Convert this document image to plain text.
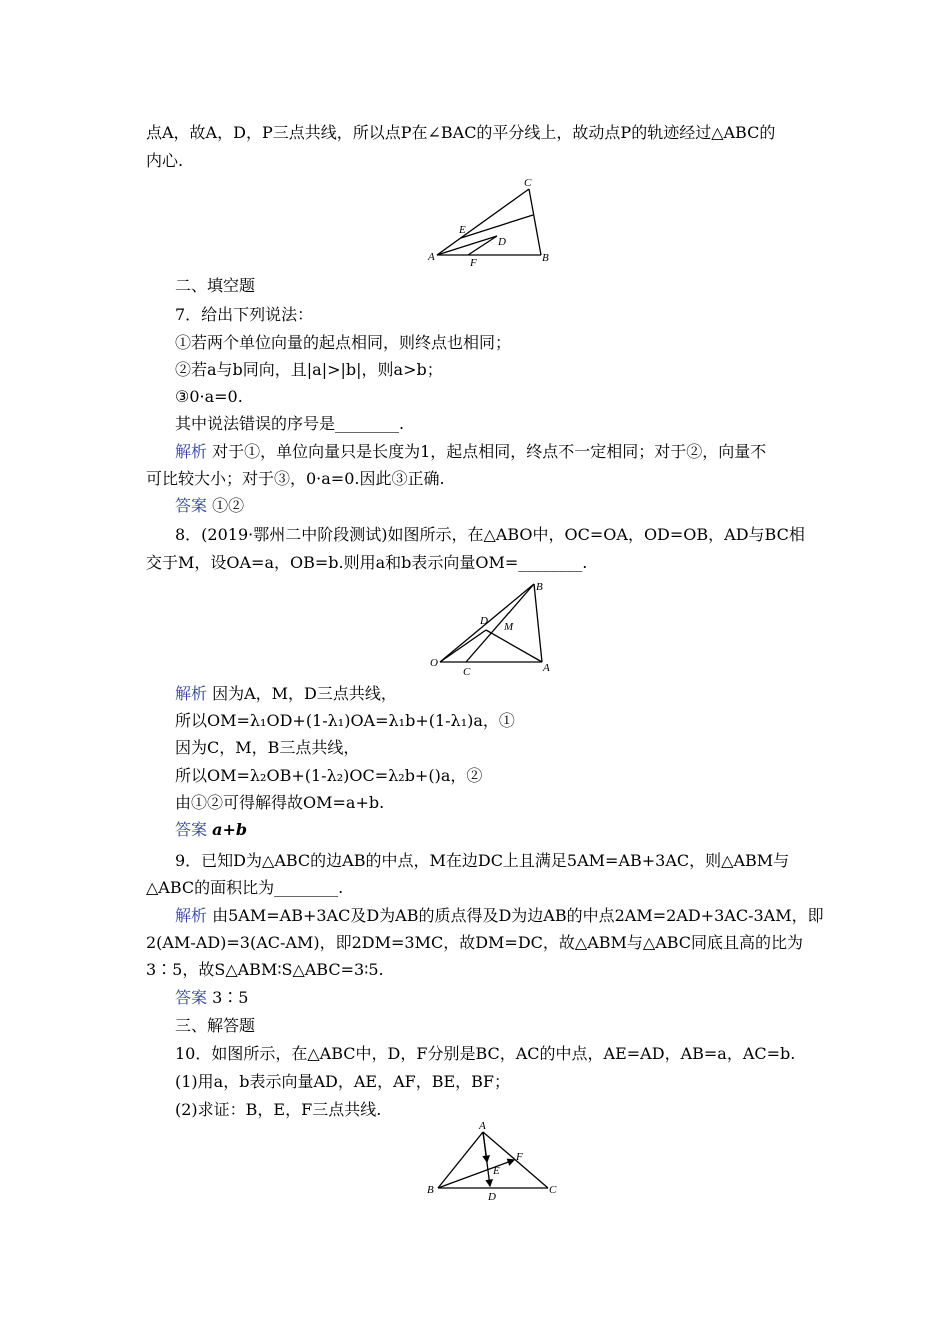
点A，故A，D，P三点共线，所以点P在∠BAC的平分线上，故动点P的轨迹经过△ABC的
内心.
C
E
D
A	F	B
二、填空题
7．给出下列说法：
①若两个单位向量的起点相同，则终点也相同；
②若a与b同向，且|a|>|b|，则a>b；
③0·a=0.
其中说法错误的序号是________.
解析 对于①，单位向量只是长度为1，起点相同，终点不一定相同；对于②，向量不
可比较大小；对于③，0·a=0.因此③正确.
答案 ①②
8．(2019·鄂州二中阶段测试)如图所示，在△ABO中，OC=OA，OD=OB，AD与BC相
交于M，设OA=a，OB=b.则用a和b表示向量OM=________.
B
D M
O
C	A
解析 因为A，M，D三点共线，
所以OM=λ₁OD+(1-λ₁)OA=λ₁b+(1-λ₁)a，①
因为C，M，B三点共线，
所以OM=λ₂OB+(1-λ₂)OC=λ₂b+()a，②
由①②可得解得故OM=a+b.
答案 a+b
9．已知D为△ABC的边AB的中点，M在边DC上且满足5AM=AB+3AC，则△ABM与
△ABC的面积比为________.
解析 由5AM=AB+3AC及D为AB的质点得及D为边AB的中点2AM=2AD+3AC-3AM，即
2(AM-AD)=3(AC-AM)，即2DM=3MC，故DM=DC，故△ABM与△ABC同底且高的比为
3∶5，故S△ABM∶S△ABC=3∶5.
答案 3∶5
三、解答题
10．如图所示，在△ABC中，D，F分别是BC，AC的中点，AE=AD，AB=a，AC=b.
(1)用a，b表示向量AD，AE，AF，BE，BF；
(2)求证：B，E，F三点共线.
A
F
E
B
D
C
